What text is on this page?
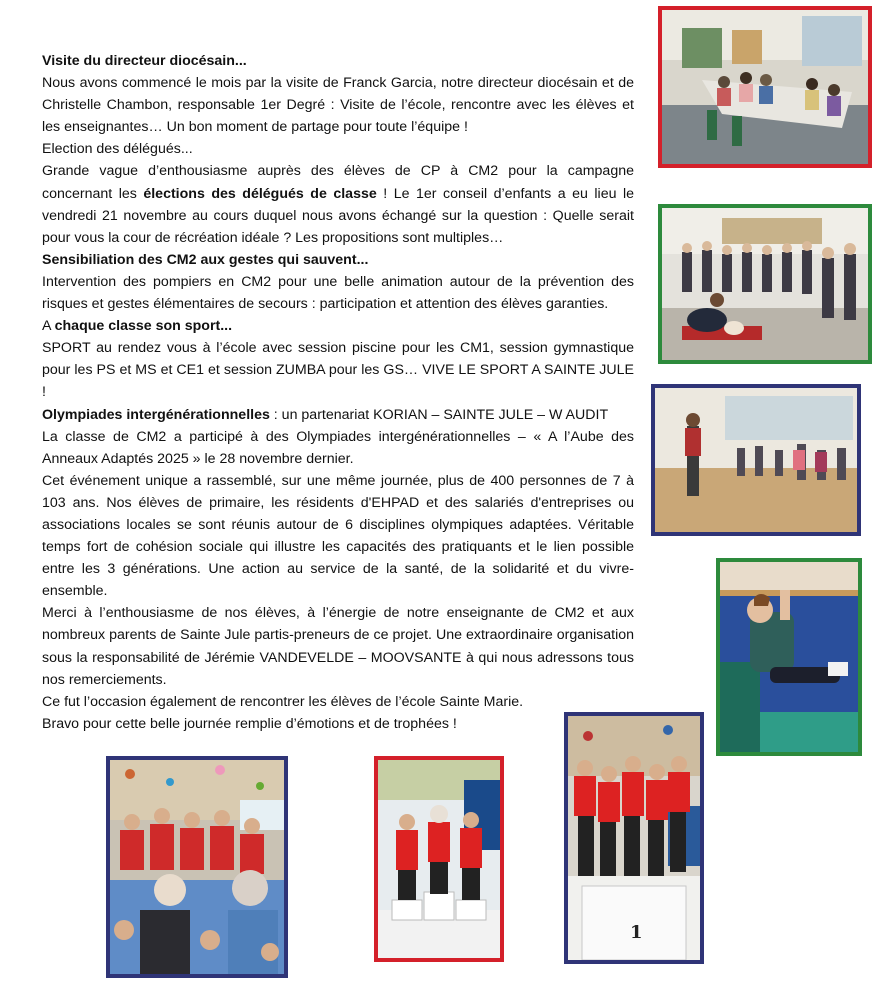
Visite du directeur diocésain...

Nous avons commencé le mois par la visite de Franck Garcia, notre directeur diocésain et de Christelle Chambon, responsable 1er Degré : Visite de l’école, rencontre avec les élèves et les enseignantes… Un bon moment de partage pour toute l’équipe !

Election des délégués...

Grande vague d’enthousiasme auprès des élèves de CP à CM2 pour la campagne concernant les élections des délégués de classe ! Le 1er conseil d’enfants a eu lieu le vendredi 21 novembre au cours duquel nous avons échangé sur la question : Quelle serait pour vous la cour de récréation idéale ? Les propositions sont multiples…

Sensibiliation des CM2 aux gestes qui sauvent...

Intervention des pompiers en CM2 pour une belle animation autour de la prévention des risques et gestes élémentaires de secours : participation et attention des élèves garanties.

A chaque classe son sport...

SPORT au rendez vous à l’école avec session piscine pour les CM1, session gymnastique pour les PS et MS et CE1 et session ZUMBA pour les GS… VIVE LE SPORT A SAINTE JULE !

Olympiades intergénérationnelles : un partenariat KORIAN – SAINTE JULE – W AUDIT

La classe de CM2 a participé à des Olympiades intergénérationnelles – « A l’Aube des Anneaux Adaptés 2025 » le 28 novembre dernier.

Cet événement unique a rassemblé, sur une même journée, plus de 400 personnes de 7 à 103 ans. Nos élèves de primaire, les résidents d'EHPAD et des salariés d'entreprises ou associations locales se sont réunis autour de 6 disciplines olympiques adaptées. Véritable temps fort de cohésion sociale qui illustre les capacités des pratiquants et le lien possible entre les 3 générations. Une action au service de la santé, de la solidarité et du vivre-ensemble.

Merci à l’enthousiasme de nos élèves, à l’énergie de notre enseignante de CM2 et aux nombreux parents de Sainte Jule partis-preneurs de ce projet. Une extraordinaire organisation sous la responsabilité de Jérémie VANDEVELDE – MOOVSANTE à qui nous adressons tous nos remerciements.

Ce fut l’occasion également de rencontrer les élèves de l’école Sainte Marie.

Bravo pour cette belle journée remplie d’émotions et de trophées !

1
